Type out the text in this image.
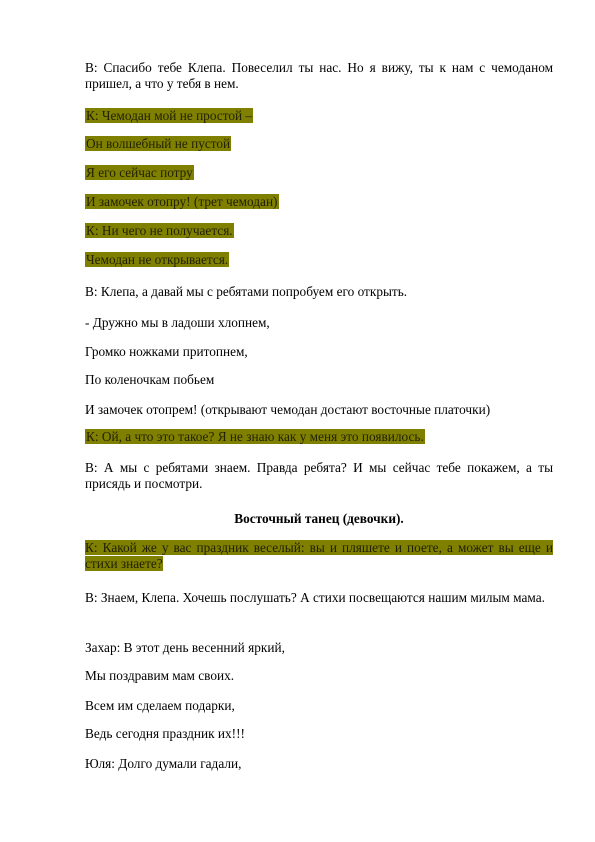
В: Спасибо тебе Клепа. Повеселил ты нас. Но я вижу, ты к нам с чемоданом пришел, а что у тебя в нем.
К: Чемодан мой не простой –
Он волшебный не пустой
Я его сейчас потру
И замочек отопру! (трет чемодан)
К: Ни чего не получается.
Чемодан не открывается.
В: Клепа, а давай мы с ребятами попробуем его открыть.
- Дружно мы в ладоши хлопнем,
Громко ножками притопнем,
По коленочкам побьем
И замочек отопрем! (открывают чемодан достают восточные платочки)
К: Ой, а что это такое? Я не знаю как у меня это появилось.
В: А мы с ребятами знаем. Правда ребята? И мы сейчас тебе покажем, а ты присядь и посмотри.
Восточный танец (девочки).
К: Какой же у вас праздник веселый: вы и пляшете и поете, а может вы еще и стихи знаете?
В: Знаем, Клепа. Хочешь послушать? А стихи посвещаются нашим милым мама.
Захар: В этот день весенний яркий,
Мы поздравим мам своих.
Всем им сделаем подарки,
Ведь сегодня праздник их!!!
Юля: Долго думали гадали,
